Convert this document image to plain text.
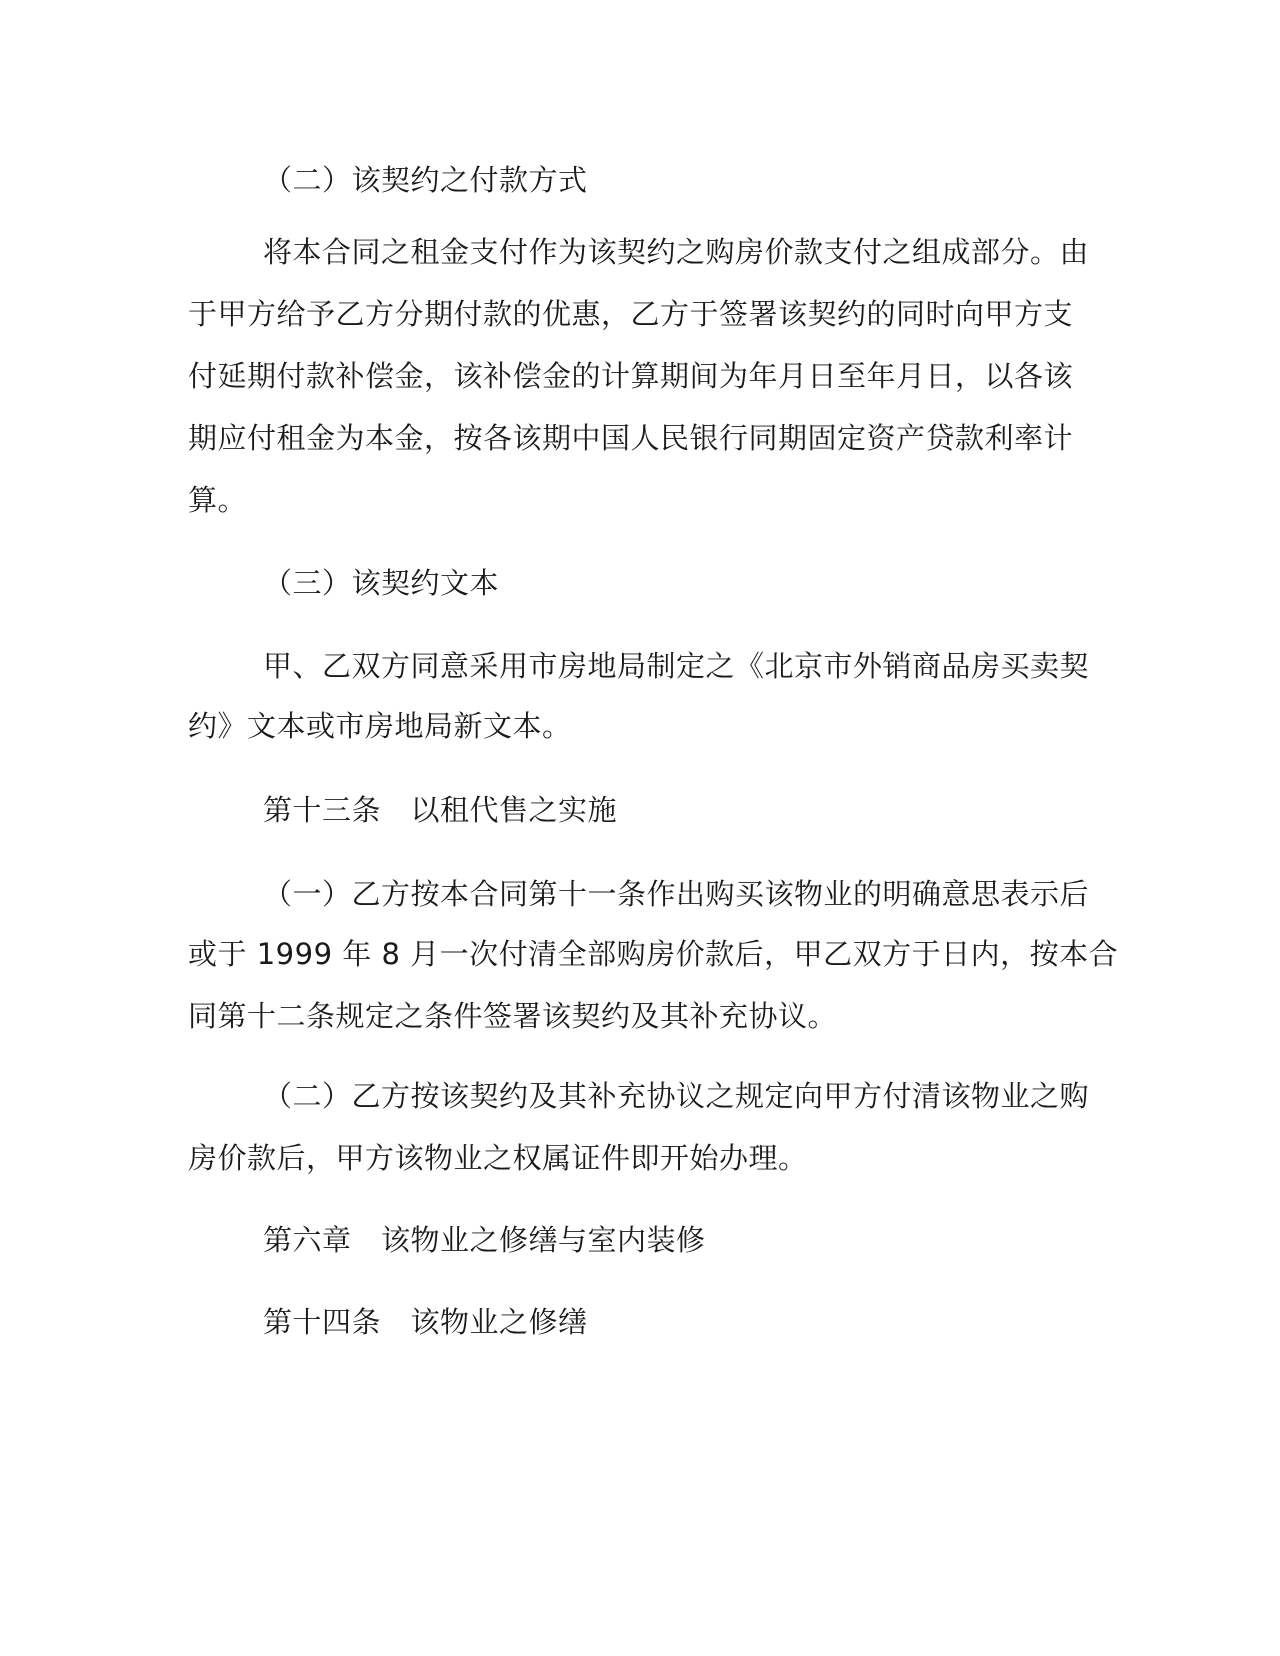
（二）该契约之付款方式

将本合同之租金支付作为该契约之购房价款支付之组成部分。由

于甲方给予乙方分期付款的优惠，乙方于签署该契约的同时向甲方支

付延期付款补偿金，该补偿金的计算期间为年月日至年月日，以各该

期应付租金为本金，按各该期中国人民银行同期固定资产贷款利率计

算。

（三）该契约文本

甲、乙双方同意采用市房地局制定之《北京市外销商品房买卖契

约》文本或市房地局新文本。

第十三条　以租代售之实施

（一）乙方按本合同第十一条作出购买该物业的明确意思表示后

或于 1999 年 8 月一次付清全部购房价款后，甲乙双方于日内，按本合

同第十二条规定之条件签署该契约及其补充协议。

（二）乙方按该契约及其补充协议之规定向甲方付清该物业之购

房价款后，甲方该物业之权属证件即开始办理。

第六章　该物业之修缮与室内装修

第十四条　该物业之修缮
